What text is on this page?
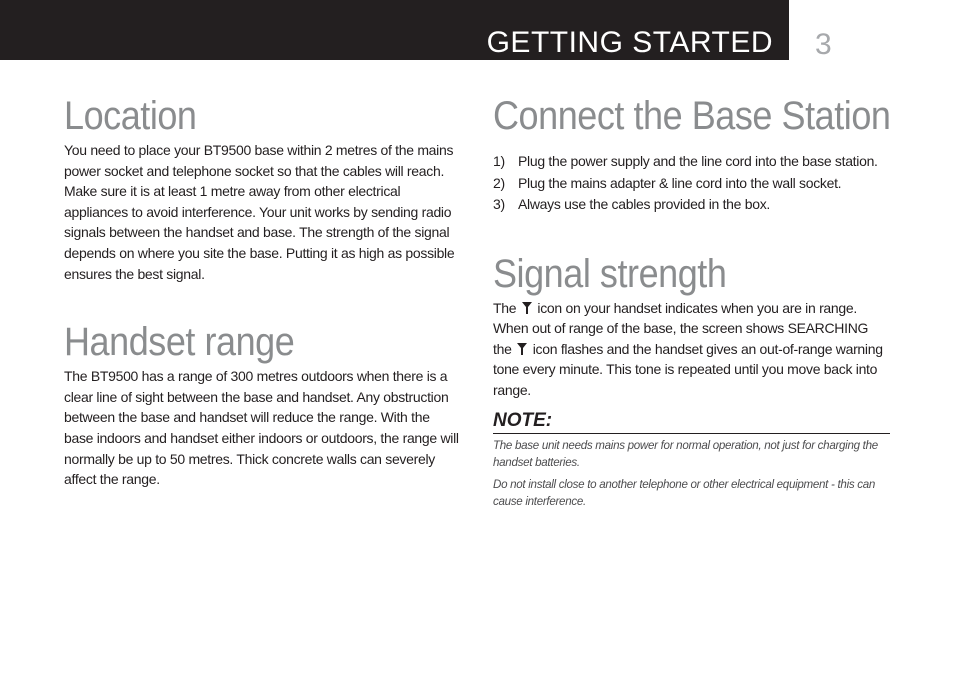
GETTING STARTED 3
Location

You need to place your BT9500 base within 2 metres of the mains power socket and telephone socket so that the cables will reach. Make sure it is at least 1 metre away from other electrical appliances to avoid interference. Your unit works by sending radio signals between the handset and base. The strength of the signal depends on where you site the base. Putting it as high as possible ensures the best signal.

Handset range

The BT9500 has a range of 300 metres outdoors when there is a clear line of sight between the base and handset. Any obstruction between the base and handset will reduce the range. With the base indoors and handset either indoors or outdoors, the range will normally be up to 50 metres. Thick concrete walls can severely affect the range.

Connect the Base Station
1) Plug the power supply and the line cord into the base station.
2) Plug the mains adapter & line cord into the wall socket.
3) Always use the cables provided in the box.
Signal strength

The icon on your handset indicates when you are in range. When out of range of the base, the screen shows SEARCHING the icon flashes and the handset gives an out-of-range warning tone every minute. This tone is repeated until you move back into range.

NOTE:

The base unit needs mains power for normal operation, not just for charging the handset batteries.

Do not install close to another telephone or other electrical equipment - this can cause interference.
